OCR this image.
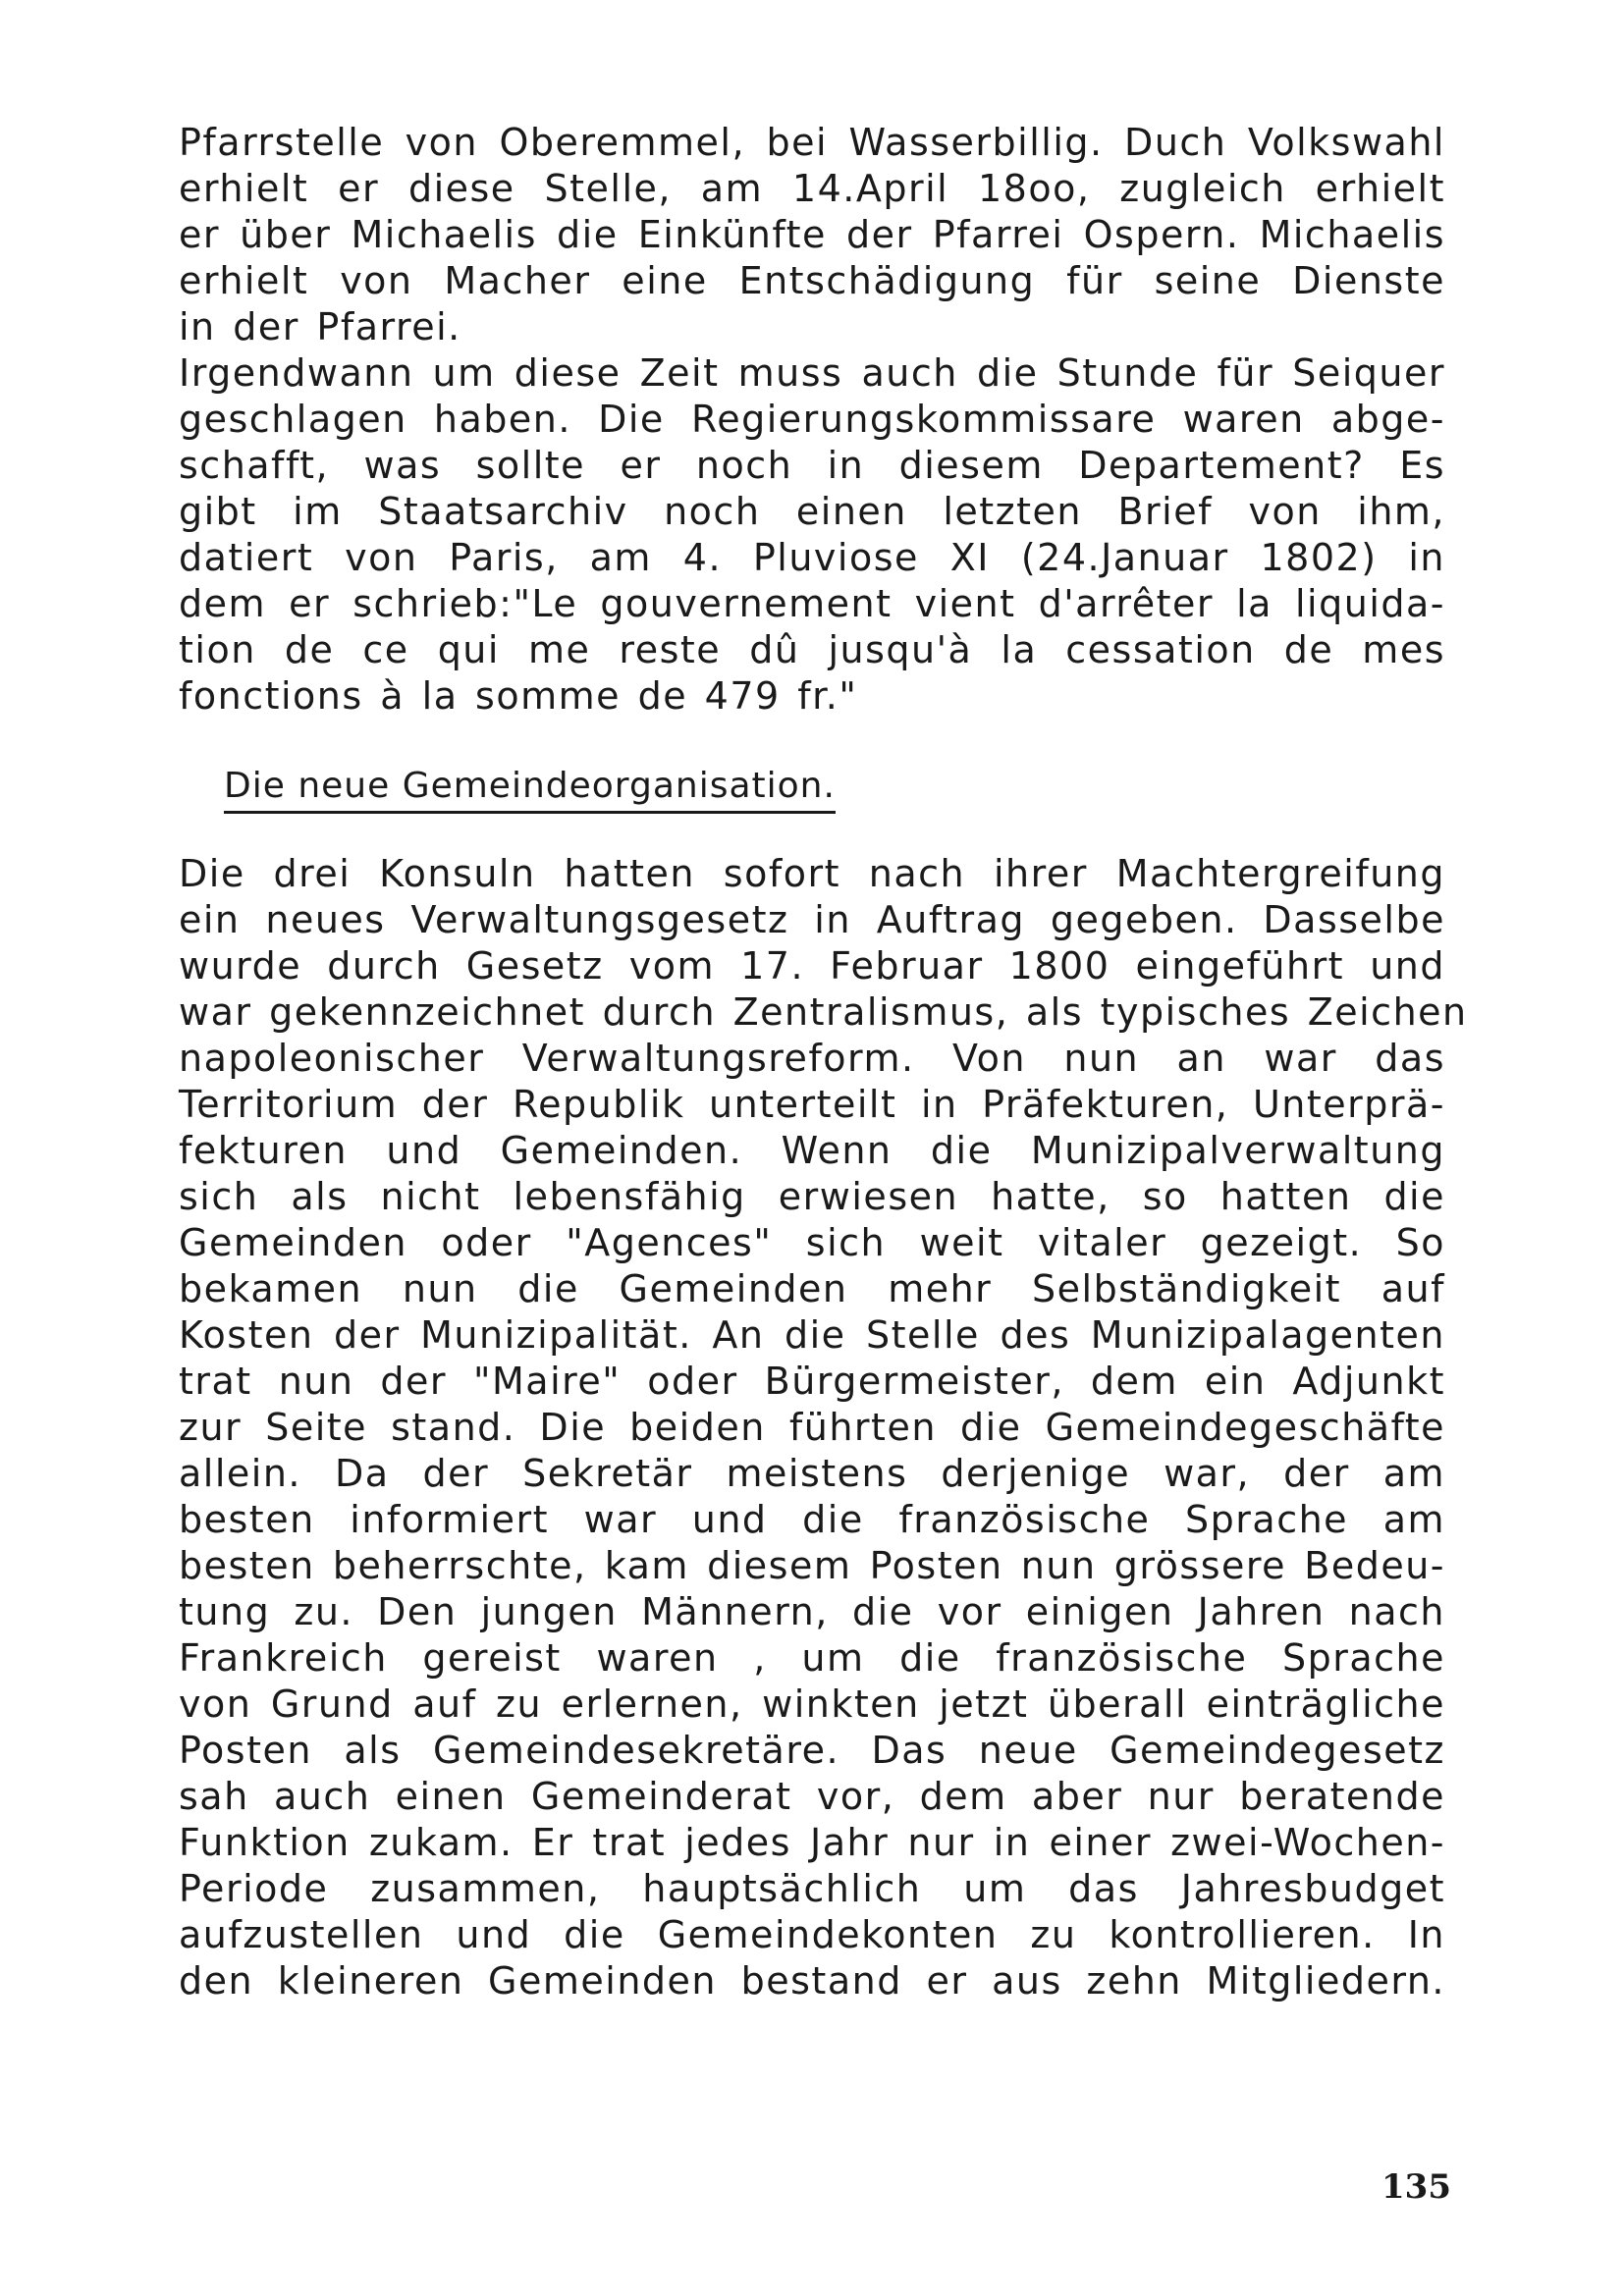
Pfarrstelle von Oberemmel, bei Wasserbillig. Duch Volkswahl
erhielt er diese Stelle, am 14.April 18oo, zugleich erhielt
er über Michaelis die Einkünfte der Pfarrei Ospern. Michaelis
erhielt von Macher eine Entschädigung für seine Dienste
in der Pfarrei.
Irgendwann um diese Zeit muss auch die Stunde für Seiquer
geschlagen haben. Die Regierungskommissare waren abge-
schafft, was sollte er noch in diesem Departement? Es
gibt im Staatsarchiv noch einen letzten Brief von ihm,
datiert von Paris, am 4. Pluviose XI (24.Januar 1802) in
dem er schrieb:"Le gouvernement vient d'arrêter la liquida-
tion de ce qui me reste dû jusqu'à la cessation de mes
fonctions à la somme de 479 fr."
Die neue Gemeindeorganisation.
Die drei Konsuln hatten sofort nach ihrer Machtergreifung
ein neues Verwaltungsgesetz in Auftrag gegeben. Dasselbe
wurde durch Gesetz vom 17. Februar 1800 eingeführt und
war gekennzeichnet durch Zentralismus, als typisches Zeichen
napoleonischer Verwaltungsreform. Von nun an war das
Territorium der Republik unterteilt in Präfekturen, Unterprä-
fekturen und Gemeinden. Wenn die Munizipalverwaltung
sich als nicht lebensfähig erwiesen hatte, so hatten die
Gemeinden oder "Agences" sich weit vitaler gezeigt. So
bekamen nun die Gemeinden mehr Selbständigkeit auf
Kosten der Munizipalität. An die Stelle des Munizipalagenten
trat nun der "Maire" oder Bürgermeister, dem ein Adjunkt
zur Seite stand. Die beiden führten die Gemeindegeschäfte
allein. Da der Sekretär meistens derjenige war, der am
besten informiert war und die französische Sprache am
besten beherrschte, kam diesem Posten nun grössere Bedeu-
tung zu. Den jungen Männern, die vor einigen Jahren nach
Frankreich gereist waren , um die französische Sprache
von Grund auf zu erlernen, winkten jetzt überall einträgliche
Posten als Gemeindesekretäre. Das neue Gemeindegesetz
sah auch einen Gemeinderat vor, dem aber nur beratende
Funktion zukam. Er trat jedes Jahr nur in einer zwei-Wochen-
Periode zusammen, hauptsächlich um das Jahresbudget
aufzustellen und die Gemeindekonten zu kontrollieren. In
den kleineren Gemeinden bestand er aus zehn Mitgliedern.
135
